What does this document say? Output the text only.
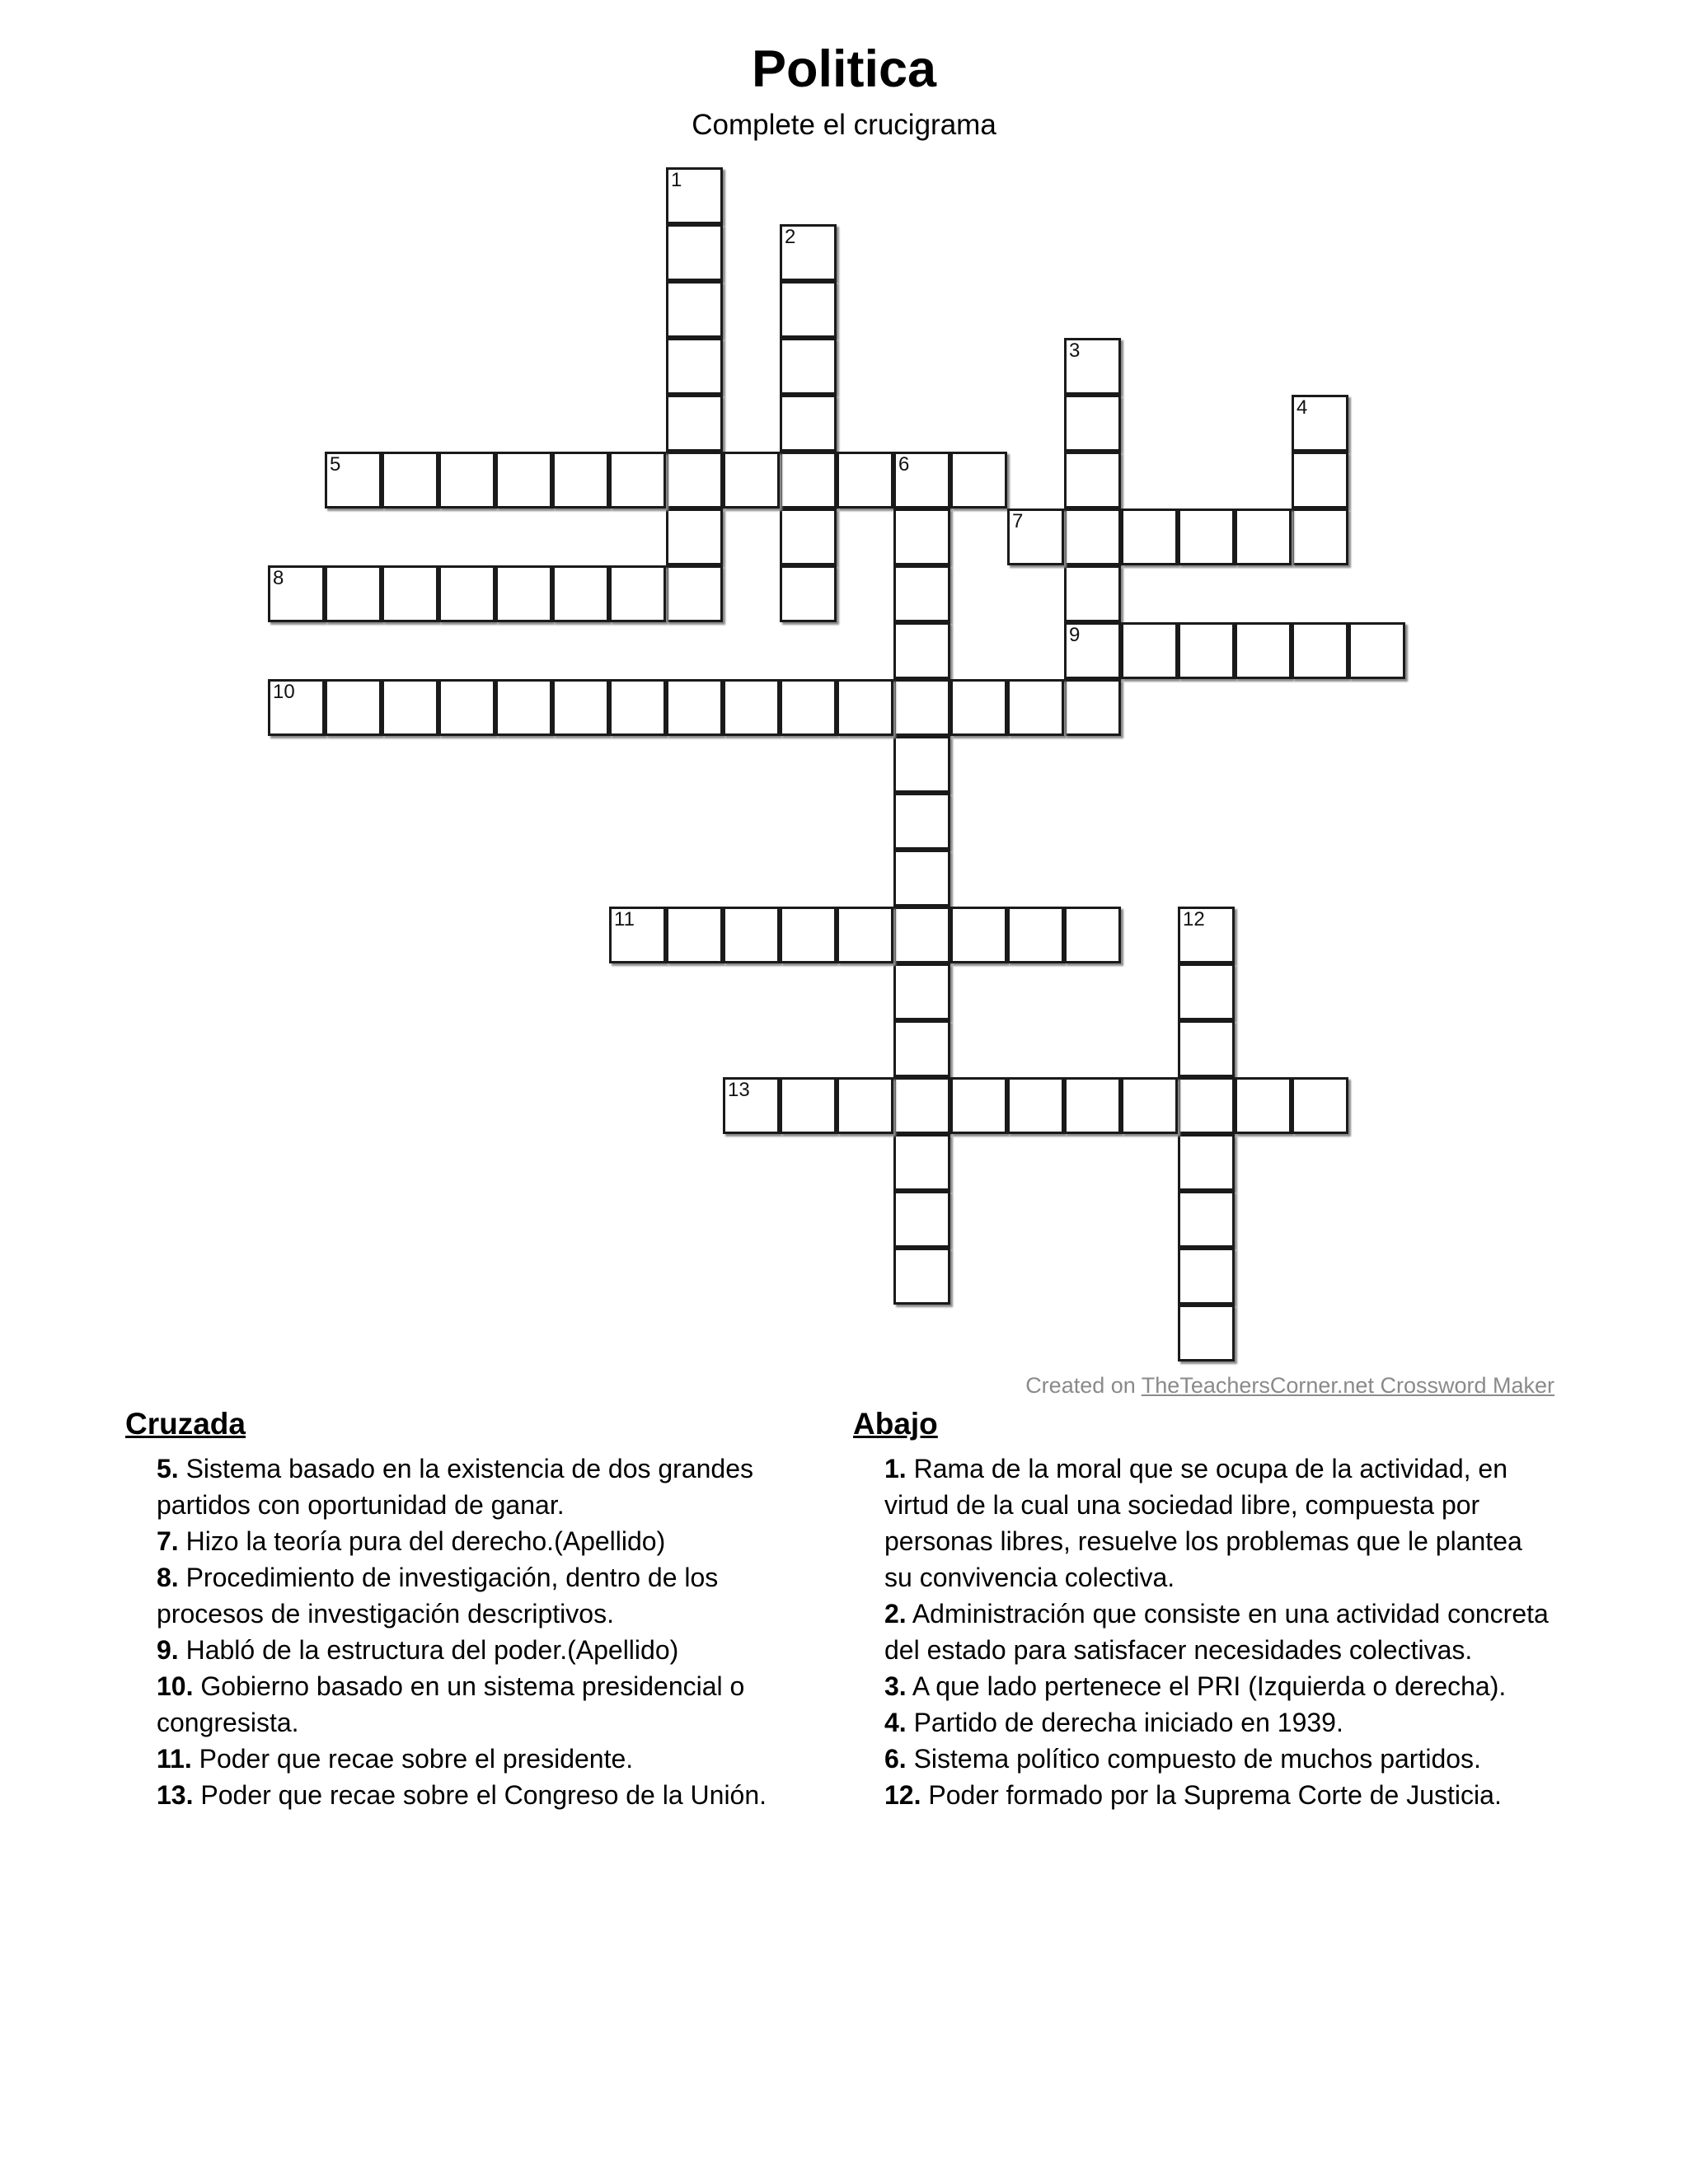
Politica
Complete el crucigrama
1
2
3
9
4
5	6
7
8
10
11	12
13
Created on TheTeachersCorner.net Crossword Maker
Cruzada
5. Sistema basado en la existencia de dos grandes partidos con oportunidad de ganar.
7. Hizo la teoría pura del derecho.(Apellido)
8. Procedimiento de investigación, dentro de los procesos de investigación descriptivos.
9. Habló de la estructura del poder.(Apellido)
10. Gobierno basado en un sistema presidencial o congresista.
11. Poder que recae sobre el presidente.
13. Poder que recae sobre el Congreso de la Unión.
Abajo
1. Rama de la moral que se ocupa de la actividad, en virtud de la cual una sociedad libre, compuesta por personas libres, resuelve los problemas que le plantea su convivencia colectiva.
2. Administración que consiste en una actividad concreta del estado para satisfacer necesidades colectivas.
3. A que lado pertenece el PRI (Izquierda o derecha).
4. Partido de derecha iniciado en 1939.
6. Sistema político compuesto de muchos partidos.
12. Poder formado por la Suprema Corte de Justicia.
